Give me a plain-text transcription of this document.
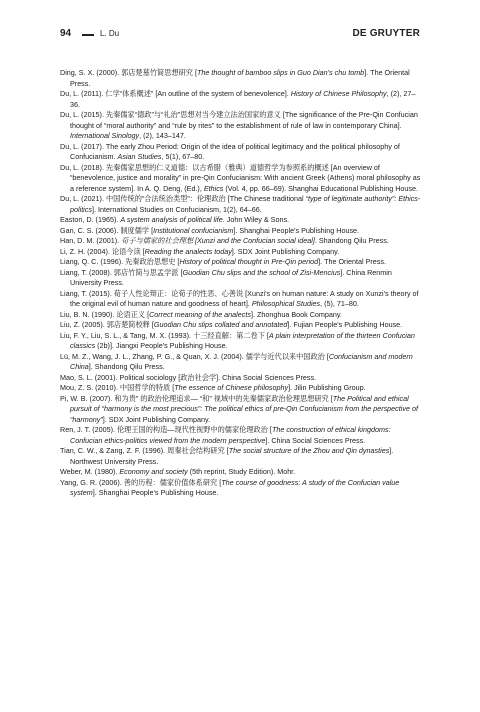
94	L. Du	DE GRUYTER

Ding, S. X. (2000). 郭店楚墓竹简思想研究 [The thought of bamboo slips in Guo Dian's chu tomb]. The Oriental Press.

Du, L. (2011). 仁学“体系概述” [An outline of the system of benevolence]. History of Chinese Philosophy, (2), 27–36.

Du, L. (2015). 先秦儒家“德政”与“礼治”思想对当今建立法治国家的意义 [The significance of the Pre-Qin Confucian thought of “moral authority” and “rule by rites” to the establishment of rule of law in contemporary China]. International Sinology, (2), 143–147.

Du, L. (2017). The early Zhou Period: Origin of the idea of political legitimacy and the political philosophy of Confucianism. Asian Studies, 5(1), 67–80.

Du, L. (2018). 先秦儒家思想的仁义道德：以古希腊（雅典）道德哲学为参照系的概述 [An overview of “benevolence, justice and morality” in pre-Qin Confucianism: With ancient Greek (Athens) moral philosophy as a reference system]. In A. Q. Deng, (Ed.), Ethics (Vol. 4, pp. 66–69). Shanghai Educational Publishing House.

Du, L. (2021). 中国传统的“合法统治类型”：伦理政治 [The Chinese traditional “type of legitimate authority”: Ethics-politics]. International Studies on Confucianism, 1(2), 64–66.

Easton, D. (1965). A system analysis of political life. John Wiley & Sons.

Gan, C. S. (2006). 制度儒学 [Institutional confucianism]. Shanghai People's Publishing House.

Han, D. M. (2001). 荀子与儒家的社会理想 [Xunzi and the Confucian social ideal]. Shandong Qilu Press.

Li, Z. H. (2004). 论语今读 [Reading the analects today]. SDX Joint Publishing Company.

Liang, Q. C. (1996). 先秦政治思想史 [History of political thought in Pre-Qin period]. The Oriental Press.

Liang, T. (2008). 郭店竹简与思孟学派 [Guodian Chu slips and the school of Zisi-Mencius]. China Renmin University Press.

Liang, T. (2015). 荀子人性论辩正：论荀子的性恶、心善说 [Xunzi's on human nature: A study on Xunzi's theory of the original evil of human nature and goodness of heart]. Philosophical Studies, (5), 71–80.

Liu, B. N. (1990). 论语正义 [Correct meaning of the analects]. Zhonghua Book Company.

Liu, Z. (2005). 郭店楚简校释 [Guodian Chu slips collated and annotated]. Fujian People's Publishing House.

Liu, F. Y., Liu, S. L., & Tang, M. X. (1993). 十三经直解：第二卷下 [A plain interpretation of the thirteen Confucian classics (2b)]. Jiangxi People's Publishing House.

Lü, M. Z., Wang, J. L., Zhang, P. G., & Quan, X. J. (2004). 儒学与近代以来中国政治 [Confucianism and modern China]. Shandong Qilu Press.

Mao, S. L. (2001). Political sociology [政治社会学]. China Social Sciences Press.

Mou, Z. S. (2010). 中国哲学的特质 [The essence of Chinese philosophy]. Jilin Publishing Group.

Pi, W. B. (2007). 和为贵” 的政治伦理追求— “和” 视域中的先秦儒家政治伦理思想研究 [The Political and ethical pursuit of “harmony is the most precious”: The political ethics of pre-Qin Confucianism from the perspective of “harmony”]. SDX Joint Publishing Company.

Ren, J. T. (2005). 伦理王国的构造—现代性视野中的儒家伦理政治 [The construction of ethical kingdoms: Confucian ethics-politics viewed from the modern perspective]. China Social Sciences Press.

Tian, C. W., & Zang, Z. F. (1996). 周秦社会结构研究 [The social structure of the Zhou and Qin dynasties]. Northwest University Press.

Weber, M. (1980). Economy and society (5th reprint, Study Edition). Mohr.

Yang, G. R. (2006). 善的历程：儒家价值体系研究 [The course of goodness: A study of the Confucian value system]. Shanghai People's Publishing House.
